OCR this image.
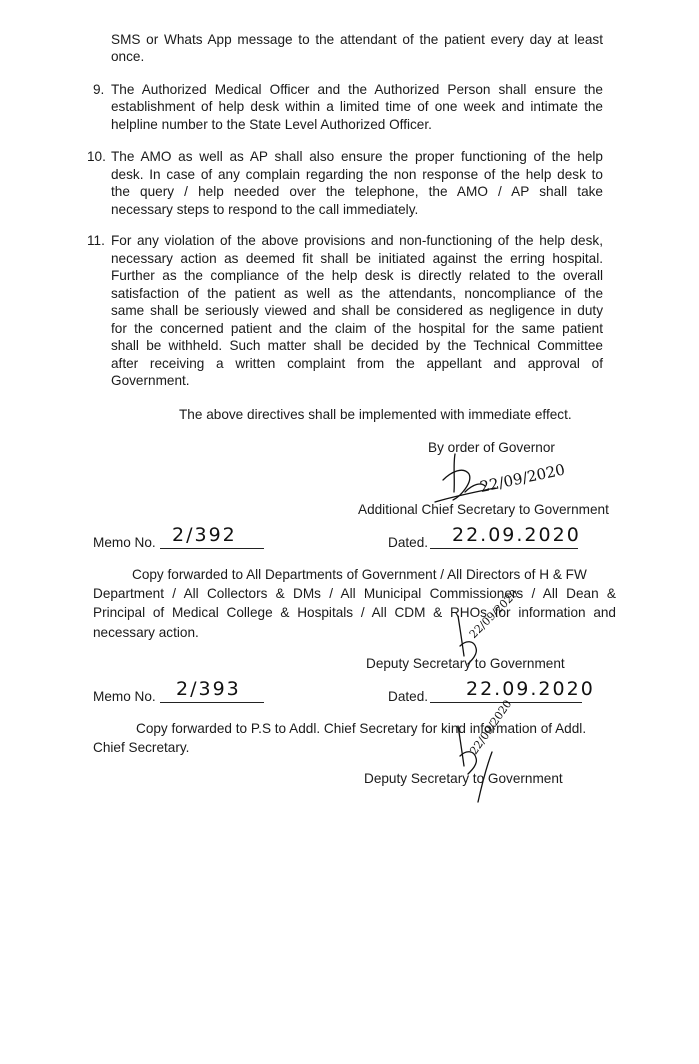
SMS or Whats App message to the attendant of the patient every day at least
once.
9. The Authorized Medical Officer and the Authorized Person shall ensure the
establishment of help desk within a limited time of one week and intimate the
helpline number to the State Level Authorized Officer.
10. The AMO as well as AP shall also ensure the proper functioning of the help
desk. In case of any complain regarding the non response of the help desk to
the query / help needed over the telephone, the AMO / AP shall take
necessary steps to respond to the call immediately.
11. For any violation of the above provisions and non-functioning of the help desk,
necessary action as deemed fit shall be initiated against the erring hospital.
Further as the compliance of the help desk is directly related to the overall
satisfaction of the patient as well as the attendants, noncompliance of the
same shall be seriously viewed and shall be considered as negligence in duty
for the concerned patient and the claim of the hospital for the same patient
shall be withheld. Such matter shall be decided by the Technical Committee
after receiving a written complaint from the appellant and approval of
Government.
The above directives shall be implemented with immediate effect.
By order of Governor
22/09/2020
Additional Chief Secretary to Government
Memo No. 2/392	Dated. 22.09.2020
Copy forwarded to All Departments of Government / All Directors of H & FW
Department / All Collectors & DMs / All Municipal Commissioners / All Dean &
Principal of Medical College & Hospitals / All CDM & RHOs for information and
necessary action.	22/09/2020
Deputy Secretary to Government
Memo No. 2/393	Dated. 22.09.2020
Copy forwarded to P.S to Addl. Chief Secretary for kind information of Addl.
Chief Secretary.	22/09/2020
Deputy Secretary to Government
